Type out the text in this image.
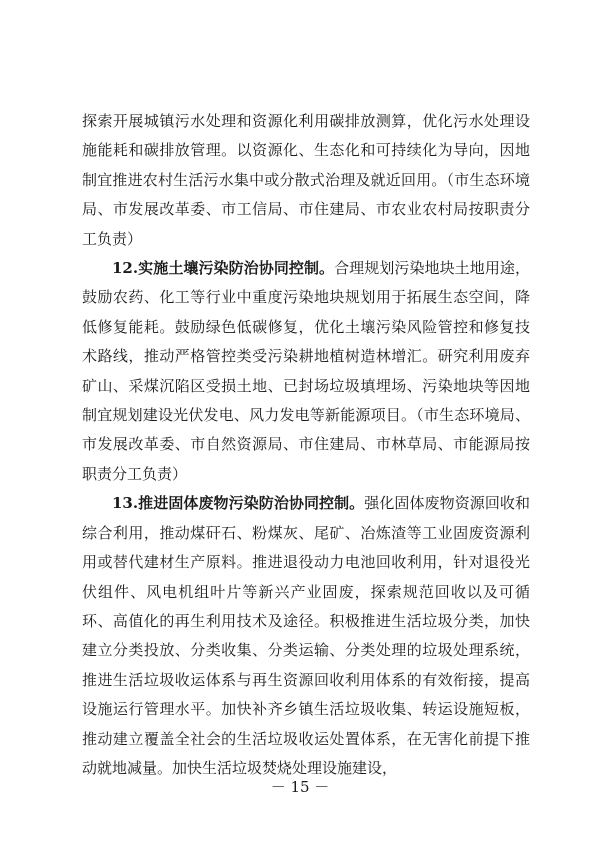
探索开展城镇污水处理和资源化利用碳排放测算，优化污水处理设施能耗和碳排放管理。以资源化、生态化和可持续化为导向，因地制宜推进农村生活污水集中或分散式治理及就近回用。（市生态环境局、市发展改革委、市工信局、市住建局、市农业农村局按职责分工负责）

12.实施土壤污染防治协同控制。合理规划污染地块土地用途，鼓励农药、化工等行业中重度污染地块规划用于拓展生态空间，降低修复能耗。鼓励绿色低碳修复，优化土壤污染风险管控和修复技术路线，推动严格管控类受污染耕地植树造林增汇。研究利用废弃矿山、采煤沉陷区受损土地、已封场垃圾填埋场、污染地块等因地制宜规划建设光伏发电、风力发电等新能源项目。（市生态环境局、市发展改革委、市自然资源局、市住建局、市林草局、市能源局按职责分工负责）

13.推进固体废物污染防治协同控制。强化固体废物资源回收和综合利用，推动煤矸石、粉煤灰、尾矿、冶炼渣等工业固废资源利用或替代建材生产原料。推进退役动力电池回收利用，针对退役光伏组件、风电机组叶片等新兴产业固废，探索规范回收以及可循环、高值化的再生利用技术及途径。积极推进生活垃圾分类，加快建立分类投放、分类收集、分类运输、分类处理的垃圾处理系统，推进生活垃圾收运体系与再生资源回收利用体系的有效衔接，提高设施运行管理水平。加快补齐乡镇生活垃圾收集、转运设施短板，推动建立覆盖全社会的生活垃圾收运处置体系，在无害化前提下推动就地减量。加快生活垃圾焚烧处理设施建设，

－ 15 －
